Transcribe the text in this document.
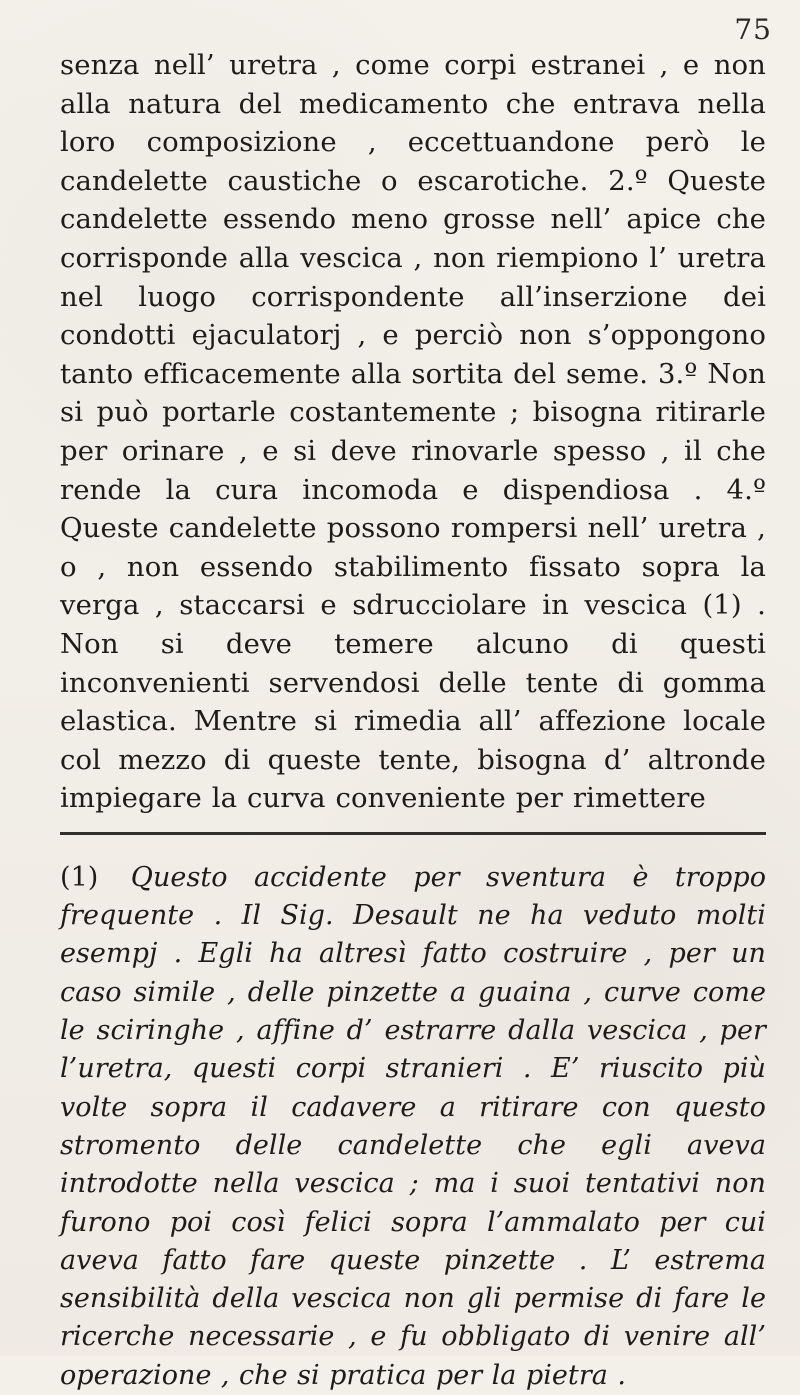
75

senza nell’ uretra , come corpi estranei , e non alla natura del medicamento che entrava nella loro composizione , eccettuandone però le candelette caustiche o escarotiche. 2.º Queste candelette essendo meno grosse nell’ apice che corrisponde alla vescica , non riempiono l’ uretra nel luogo corrispondente all’inserzione dei condotti ejaculatorj , e perciò non s’oppongono tanto efficacemente alla sortita del seme. 3.º Non si può portarle costantemente ; bisogna ritirarle per orinare , e si deve rinovarle spesso , il che rende la cura incomoda e dispendiosa . 4.º Queste candelette possono rompersi nell’ uretra , o , non essendo stabilimento fissato sopra la verga , staccarsi e sdrucciolare in vescica (1) . Non si deve temere alcuno di questi inconvenienti servendosi delle tente di gomma elastica. Mentre si rimedia all’ affezione locale col mezzo di queste tente, bisogna d’ altronde impiegare la curva conveniente per rimettere

(1) Questo accidente per sventura è troppo frequente . Il Sig. Desault ne ha veduto molti esempj . Egli ha altresì fatto costruire , per un caso simile , delle pinzette a guaina , curve come le sciringhe , affine d’ estrarre dalla vescica , per l’uretra, questi corpi stranieri . E’ riuscito più volte sopra il cadavere a ritirare con questo stromento delle candelette che egli aveva introdotte nella vescica ; ma i suoi tentativi non furono poi così felici sopra l’ammalato per cui aveva fatto fare queste pinzette . L’ estrema sensibilità della vescica non gli permise di fare le ricerche necessarie , e fu obbligato di venire all’ operazione , che si pratica per la pietra .
